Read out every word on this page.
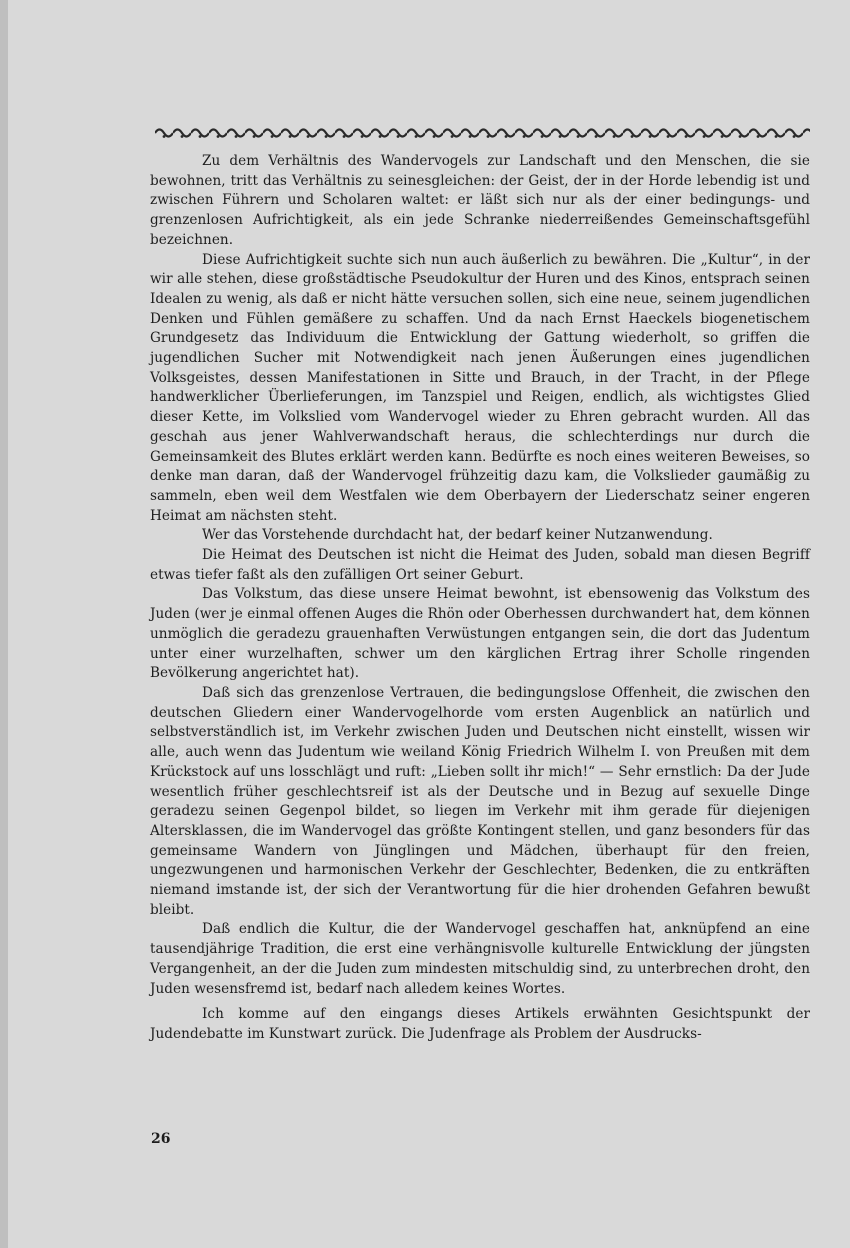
Zu dem Verhältnis des Wandervogels zur Landschaft und den Menschen, die sie bewohnen, tritt das Verhältnis zu seinesgleichen: der Geist, der in der Horde lebendig ist und zwischen Führern und Scholaren waltet: er läßt sich nur als der einer bedingungs- und grenzenlosen Aufrichtigkeit, als ein jede Schranke niederreißendes Gemeinschaftsgefühl bezeichnen.

Diese Aufrichtigkeit suchte sich nun auch äußerlich zu bewähren. Die „Kultur“, in der wir alle stehen, diese großstädtische Pseudokultur der Huren und des Kinos, entsprach seinen Idealen zu wenig, als daß er nicht hätte versuchen sollen, sich eine neue, seinem jugendlichen Denken und Fühlen gemäßere zu schaffen. Und da nach Ernst Haeckels biogenetischem Grundgesetz das Individuum die Entwicklung der Gattung wiederholt, so griffen die jugendlichen Sucher mit Notwendigkeit nach jenen Äußerungen eines jugendlichen Volksgeistes, dessen Manifestationen in Sitte und Brauch, in der Tracht, in der Pflege handwerklicher Überlieferungen, im Tanzspiel und Reigen, endlich, als wichtigstes Glied dieser Kette, im Volkslied vom Wandervogel wieder zu Ehren gebracht wurden. All das geschah aus jener Wahlverwandschaft heraus, die schlechterdings nur durch die Gemeinsamkeit des Blutes erklärt werden kann. Bedürfte es noch eines weiteren Beweises, so denke man daran, daß der Wandervogel frühzeitig dazu kam, die Volkslieder gaumäßig zu sammeln, eben weil dem Westfalen wie dem Oberbayern der Liederschatz seiner engeren Heimat am nächsten steht.

Wer das Vorstehende durchdacht hat, der bedarf keiner Nutzanwendung.

Die Heimat des Deutschen ist nicht die Heimat des Juden, sobald man diesen Begriff etwas tiefer faßt als den zufälligen Ort seiner Geburt.

Das Volkstum, das diese unsere Heimat bewohnt, ist ebensowenig das Volkstum des Juden (wer je einmal offenen Auges die Rhön oder Oberhessen durchwandert hat, dem können unmöglich die geradezu grauenhaften Verwüstungen entgangen sein, die dort das Judentum unter einer wurzelhaften, schwer um den kärglichen Ertrag ihrer Scholle ringenden Bevölkerung angerichtet hat).

Daß sich das grenzenlose Vertrauen, die bedingungslose Offenheit, die zwischen den deutschen Gliedern einer Wandervogelhorde vom ersten Augenblick an natürlich und selbstverständlich ist, im Verkehr zwischen Juden und Deutschen nicht einstellt, wissen wir alle, auch wenn das Judentum wie weiland König Friedrich Wilhelm I. von Preußen mit dem Krückstock auf uns losschlägt und ruft: „Lieben sollt ihr mich!“ — Sehr ernstlich: Da der Jude wesentlich früher geschlechtsreif ist als der Deutsche und in Bezug auf sexuelle Dinge geradezu seinen Gegenpol bildet, so liegen im Verkehr mit ihm gerade für diejenigen Altersklassen, die im Wandervogel das größte Kontingent stellen, und ganz besonders für das gemeinsame Wandern von Jünglingen und Mädchen, überhaupt für den freien, ungezwungenen und harmonischen Verkehr der Geschlechter, Bedenken, die zu entkräften niemand imstande ist, der sich der Verantwortung für die hier drohenden Gefahren bewußt bleibt.

Daß endlich die Kultur, die der Wandervogel geschaffen hat, anknüpfend an eine tausendjährige Tradition, die erst eine verhängnisvolle kulturelle Entwicklung der jüngsten Vergangenheit, an der die Juden zum mindesten mitschuldig sind, zu unterbrechen droht, den Juden wesensfremd ist, bedarf nach alledem keines Wortes.

Ich komme auf den eingangs dieses Artikels erwähnten Gesichtspunkt der Judendebatte im Kunstwart zurück. Die Judenfrage als Problem der Ausdrucks-

26
